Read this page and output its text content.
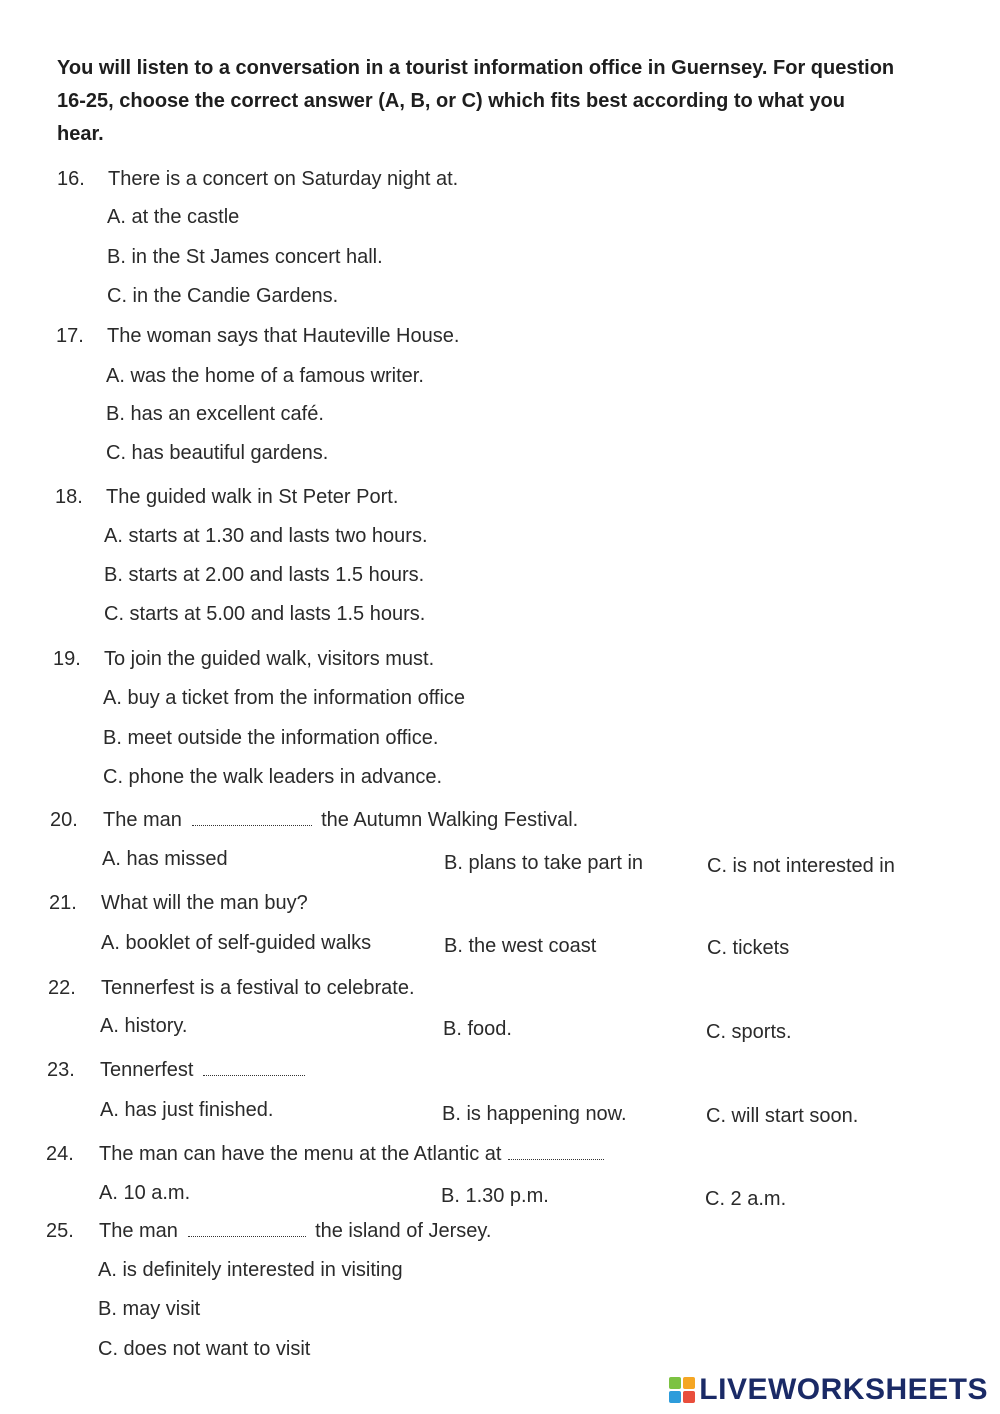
You will listen to a conversation in a tourist information office in Guernsey. For question 16-25, choose the correct answer (A, B, or C) which fits best according to what you hear.
16. There is a concert on Saturday night at.
A. at the castle
B. in the St James concert hall.
C. in the Candie Gardens.
17. The woman says that Hauteville House.
A. was the home of a famous writer.
B. has an excellent café.
C. has beautiful gardens.
18. The guided walk in St Peter Port.
A. starts at 1.30 and lasts two hours.
B. starts at 2.00 and lasts 1.5 hours.
C. starts at 5.00 and lasts 1.5 hours.
19. To join the guided walk, visitors must.
A. buy a ticket from the information office
B. meet outside the information office.
C. phone the walk leaders in advance.
20. The man	the Autumn Walking Festival.
A. has missed	B. plans to take part in	C. is not interested in
21. What will the man buy?
A. booklet of self-guided walks	B. the west coast	C. tickets
22. Tennerfest is a festival to celebrate.
A. history.	B. food.	C. sports.
23. Tennerfest
A. has just finished.	B. is happening now.	C. will start soon.
24. The man can have the menu at the Atlantic at
A. 10 a.m.	B. 1.30 p.m.	C. 2 a.m.
25. The man	the island of Jersey.
A. is definitely interested in visiting
B. may visit
C. does not want to visit
LIVEWORKSHEETS
